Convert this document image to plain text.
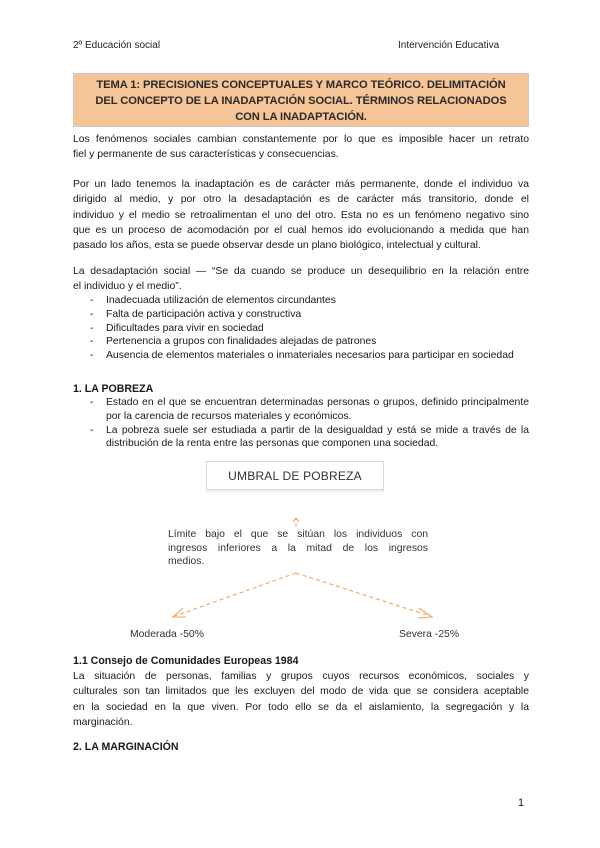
2º Educación social	Intervención Educativa
TEMA 1: PRECISIONES CONCEPTUALES Y MARCO TEÓRICO. DELIMITACIÓN
DEL CONCEPTO DE LA INADAPTACIÓN SOCIAL. TÉRMINOS RELACIONADOS
CON LA INADAPTACIÓN.
Los fenómenos sociales cambian constantemente por lo que es imposible hacer un retrato
fiel y permanente de sus características y consecuencias.
Por un lado tenemos la inadaptación es de carácter más permanente, donde el individuo va
dirigido al medio, y por otro la desadaptación es de carácter más transitorio, donde el
individuo y el medio se retroalimentan el uno del otro. Esta no es un fenómeno negativo sino
que es un proceso de acomodación por el cual hemos ido evolucionando a medida que han
pasado los años, esta se puede observar desde un plano biológico, intelectual y cultural.
La desadaptación social — “Se da cuando se produce un desequilibrio en la relación entre
el individuo y el medio”.
- Inadecuada utilización de elementos circundantes
- Falta de participación activa y constructiva
- Dificultades para vivir en sociedad
- Pertenencia a grupos con finalidades alejadas de patrones
- Ausencia de elementos materiales o inmateriales necesarios para participar en sociedad
1. LA POBREZA
- Estado en el que se encuentran determinadas personas o grupos, definido principalmente por la carencia de recursos materiales y económicos.
- La pobreza suele ser estudiada a partir de la desigualdad y está se mide a través de la distribución de la renta entre las personas que componen una sociedad.
UMBRAL DE POBREZA
Límite bajo el que se sitúan los individuos con
ingresos inferiores a la mitad de los ingresos
medios.
Moderada -50%	Severa -25%
1.1 Consejo de Comunidades Europeas 1984
La situación de personas, familias y grupos cuyos recursos económicos, sociales y
culturales son tan limitados que les excluyen del modo de vida que se considera aceptable
en la sociedad en la que viven. Por todo ello se da el aislamiento, la segregación y la
marginación.
2. LA MARGINACIÓN
1
